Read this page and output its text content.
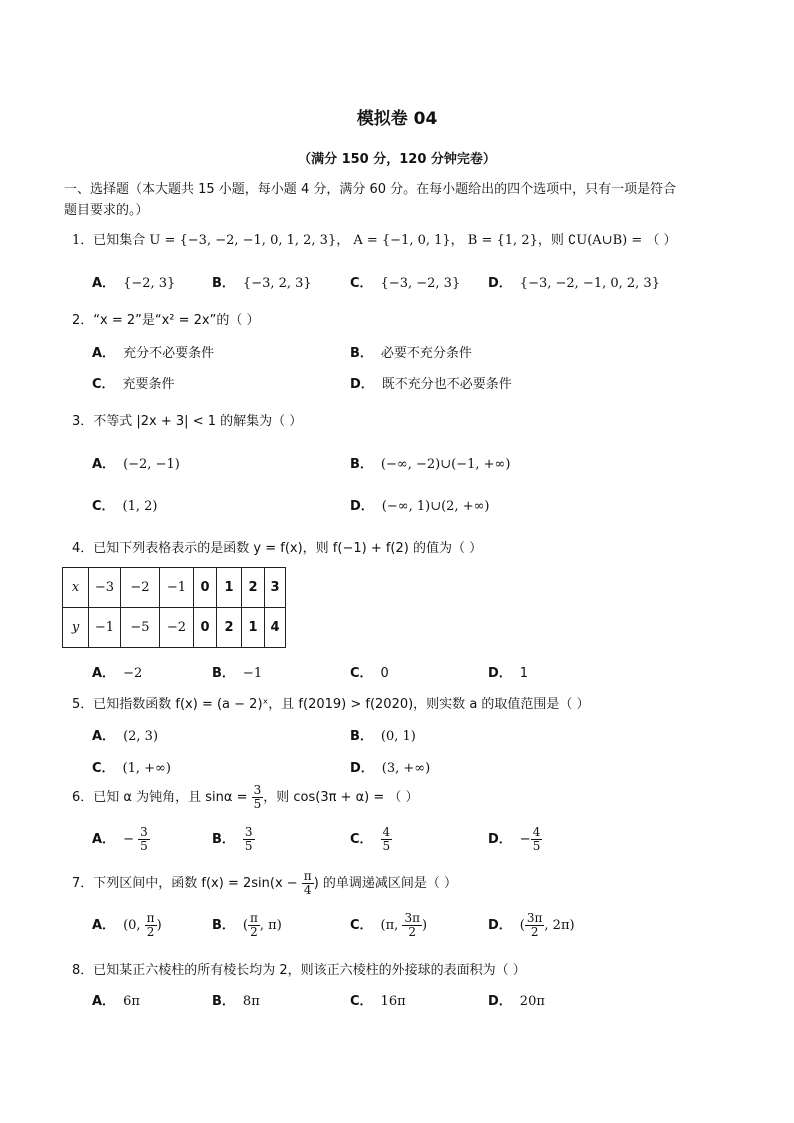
模拟卷 04
（满分 150 分，120 分钟完卷）
一、选择题（本大题共 15 小题，每小题 4 分，满分 60 分。在每小题给出的四个选项中，只有一项是符合
题目要求的。）
1．已知集合 U = {−3, −2, −1, 0, 1, 2, 3}， A = {−1, 0, 1}， B = {1, 2}，则 ∁U(A∪B) = （ ）
A． {−2, 3}	B． {−3, 2, 3}	C． {−3, −2, 3} D． {−3, −2, −1, 0, 2, 3}
2．“x = 2”是“x² = 2x”的（ ）
A． 充分不必要条件	B． 必要不充分条件
C． 充要条件	D． 既不充分也不必要条件
3．不等式 |2x + 3| < 1 的解集为（ ）
A． (−2, −1)	B． (−∞, −2)∪(−1, +∞)
C． (1, 2)	D． (−∞, 1)∪(2, +∞)
4．已知下列表格表示的是函数 y = f(x)，则 f(−1) + f(2) 的值为（ ）
x	−3	−2	−1	0	1	2	3
y	−1	−5	−2	0	2	1	4
A． −2	B． −1	C． 0	D． 1
5．已知指数函数 f(x) = (a − 2)ˣ，且 f(2019) > f(2020)，则实数 a 的取值范围是（ ）
A． (2, 3)	B． (0, 1)
C． (1, +∞)	D． (3, +∞)
6．已知 α 为钝角，且 $\sin\alpha = \frac{3}{5}$ ，则 cos(3π + α) = （ ）
A． − $\frac{3}{5}$	B． $\frac{3}{5}$	C． $\frac{4}{5}$	D． − $\frac{4}{5}$
7．下列区间中，函数 $f(x) = 2\sin(x - \frac{\pi}{4}$ ) 的单调递减区间是（ ）
A． (0, $\frac{\pi}{2}$ )	B． ( $\frac{\pi}{2}$ , π)	C． (π, $\frac{3\pi}{2}$ )	D． ( $\frac{3\pi}{2}$ , 2π)
8．已知某正六棱柱的所有棱长均为 2，则该正六棱柱的外接球的表面积为（ ）
A． 6π	B． 8π	C． 16π	D． 20π
